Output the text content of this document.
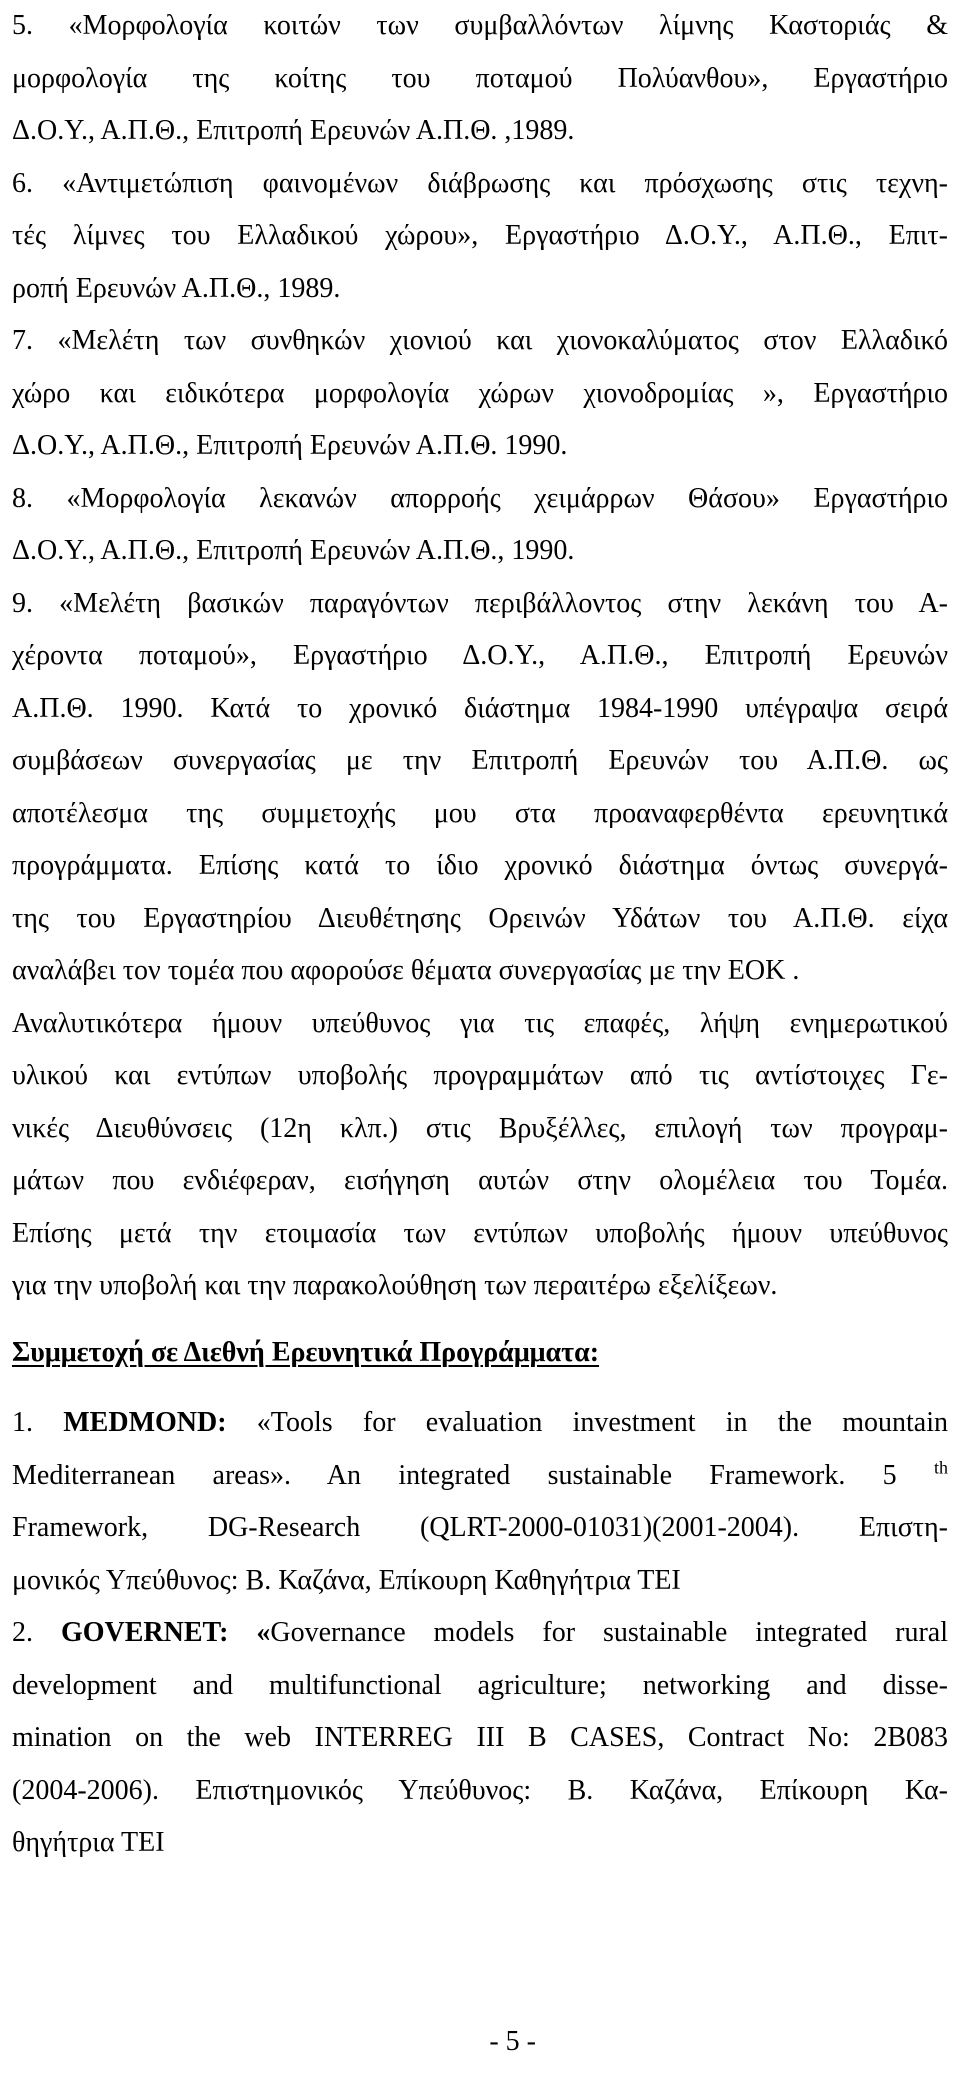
5. «Μορφολογία κοιτών των συμβαλλόντων λίμνης Καστοριάς &
μορφολογία της κοίτης του ποταμού Πολύανθου», Εργαστήριο
Δ.Ο.Υ., Α.Π.Θ., Επιτροπή Ερευνών Α.Π.Θ. ,1989.
6. «Αντιμετώπιση φαινομένων διάβρωσης και πρόσχωσης στις τεχνη-
τές λίμνες του Ελλαδικού χώρου», Εργαστήριο Δ.Ο.Υ., Α.Π.Θ., Επιτ-
ροπή Ερευνών Α.Π.Θ., 1989.
7. «Μελέτη των συνθηκών χιονιού και χιονοκαλύματος στον Ελλαδικό
χώρο και ειδικότερα μορφολογία χώρων χιονοδρομίας », Εργαστήριο
Δ.Ο.Υ., Α.Π.Θ., Επιτροπή Ερευνών Α.Π.Θ. 1990.
8. «Μορφολογία λεκανών απορροής χειμάρρων Θάσου» Εργαστήριο
Δ.Ο.Υ., Α.Π.Θ., Επιτροπή Ερευνών Α.Π.Θ., 1990.
9. «Μελέτη βασικών παραγόντων περιβάλλοντος στην λεκάνη του Α-
χέροντα ποταμού», Εργαστήριο Δ.Ο.Υ., Α.Π.Θ., Επιτροπή Ερευνών
Α.Π.Θ. 1990. Κατά το χρονικό διάστημα 1984-1990 υπέγραψα σειρά
συμβάσεων συνεργασίας με την Επιτροπή Ερευνών του Α.Π.Θ. ως
αποτέλεσμα της συμμετοχής μου στα προαναφερθέντα ερευνητικά
προγράμματα. Επίσης κατά το ίδιο χρονικό διάστημα όντως συνεργά-
της του Εργαστηρίου Διευθέτησης Ορεινών Υδάτων του Α.Π.Θ. είχα
αναλάβει τον τομέα που αφορούσε θέματα συνεργασίας με την ΕΟΚ .
Αναλυτικότερα ήμουν υπεύθυνος για τις επαφές, λήψη ενημερωτικού
υλικού και εντύπων υποβολής προγραμμάτων από τις αντίστοιχες Γε-
νικές Διευθύνσεις (12η κλπ.) στις Βρυξέλλες, επιλογή των προγραμ-
μάτων που ενδιέφεραν, εισήγηση αυτών στην ολομέλεια του Τομέα.
Επίσης μετά την ετοιμασία των εντύπων υποβολής ήμουν υπεύθυνος
για την υποβολή και την παρακολούθηση των περαιτέρω εξελίξεων.
Συμμετοχή σε Διεθνή Ερευνητικά Προγράμματα:
1. MEDMOND: «Tools for evaluation investment in the mountain
Mediterranean areas». An integrated sustainable Framework. 5 $^{th}$
Framework, DG-Research (QLRT-2000-01031)(2001-2004). Επιστη-
μονικός Υπεύθυνος: Β. Καζάνα, Επίκουρη Καθηγήτρια ΤΕΙ
2. GOVERNET: «Governance models for sustainable integrated rural
development and multifunctional agriculture; networking and disse-
mination on the web INTERREG III B CASES, Contract No: 2B083
(2004-2006). Επιστημονικός Υπεύθυνος: Β. Καζάνα, Επίκουρη Κα-
θηγήτρια ΤΕΙ
- 5 -
